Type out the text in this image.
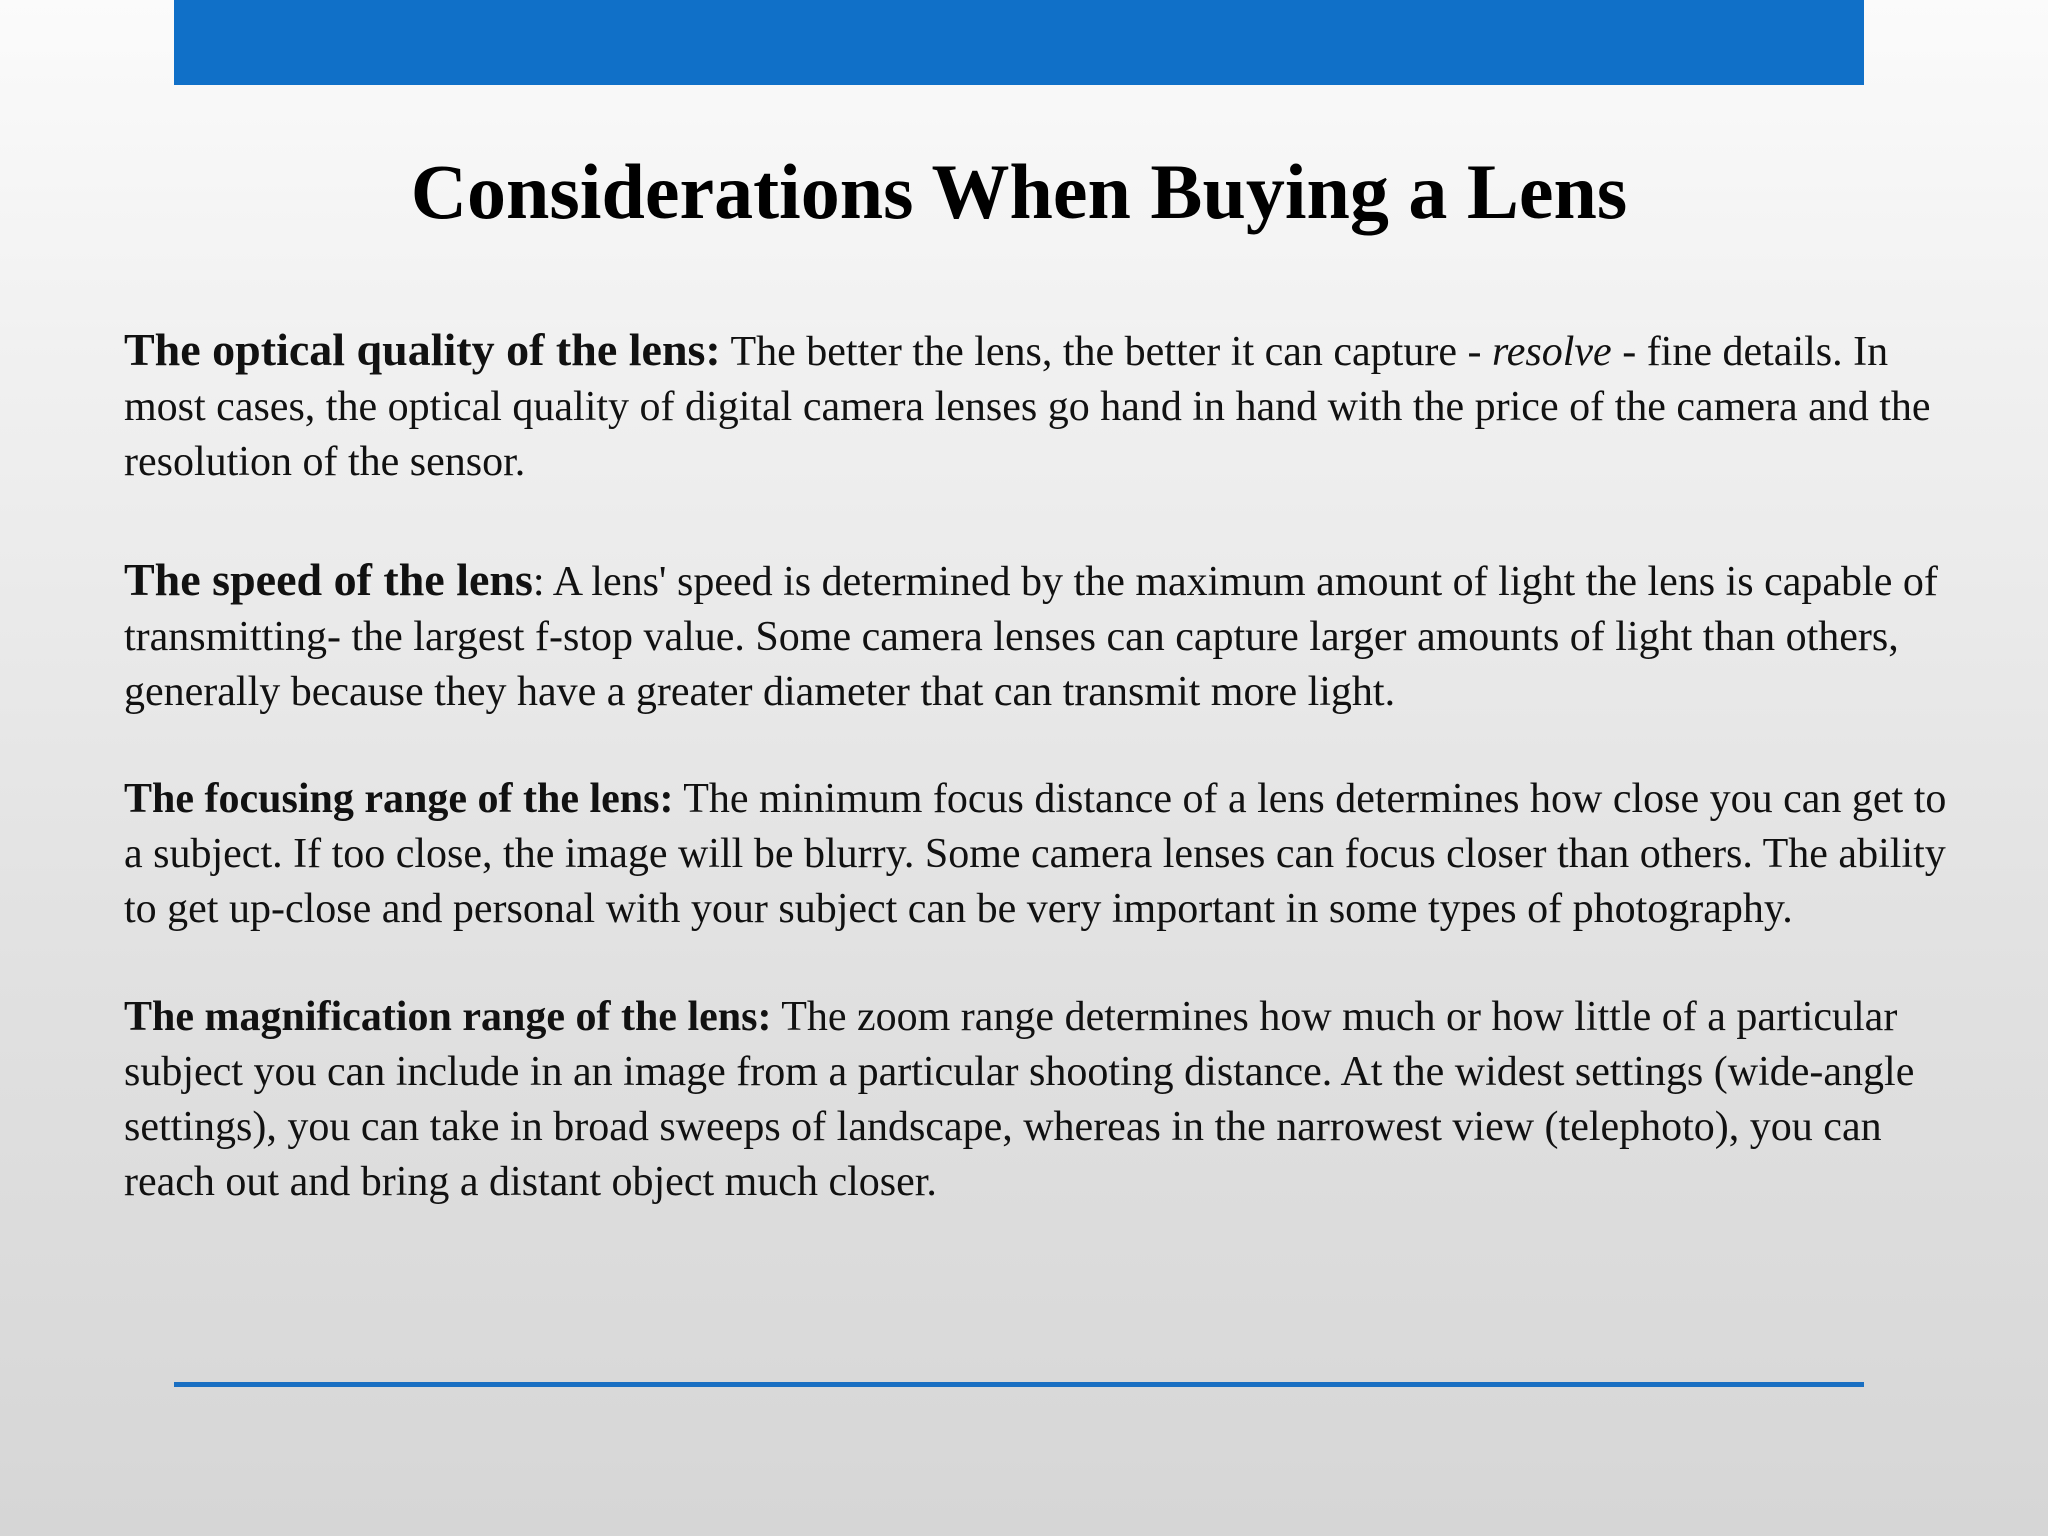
Considerations When Buying a Lens

The optical quality of the lens: The better the lens, the better it can capture - resolve - fine details. In most cases, the optical quality of digital camera lenses go hand in hand with the price of the camera and the resolution of the sensor.

The speed of the lens: A lens' speed is determined by the maximum amount of light the lens is capable of transmitting- the largest f-stop value. Some camera lenses can capture larger amounts of light than others, generally because they have a greater diameter that can transmit more light.

The focusing range of the lens: The minimum focus distance of a lens determines how close you can get to a subject. If too close, the image will be blurry. Some camera lenses can focus closer than others. The ability to get up-close and personal with your subject can be very important in some types of photography.

The magnification range of the lens: The zoom range determines how much or how little of a particular subject you can include in an image from a particular shooting distance. At the widest settings (wide-angle settings), you can take in broad sweeps of landscape, whereas in the narrowest view (telephoto), you can reach out and bring a distant object much closer.
